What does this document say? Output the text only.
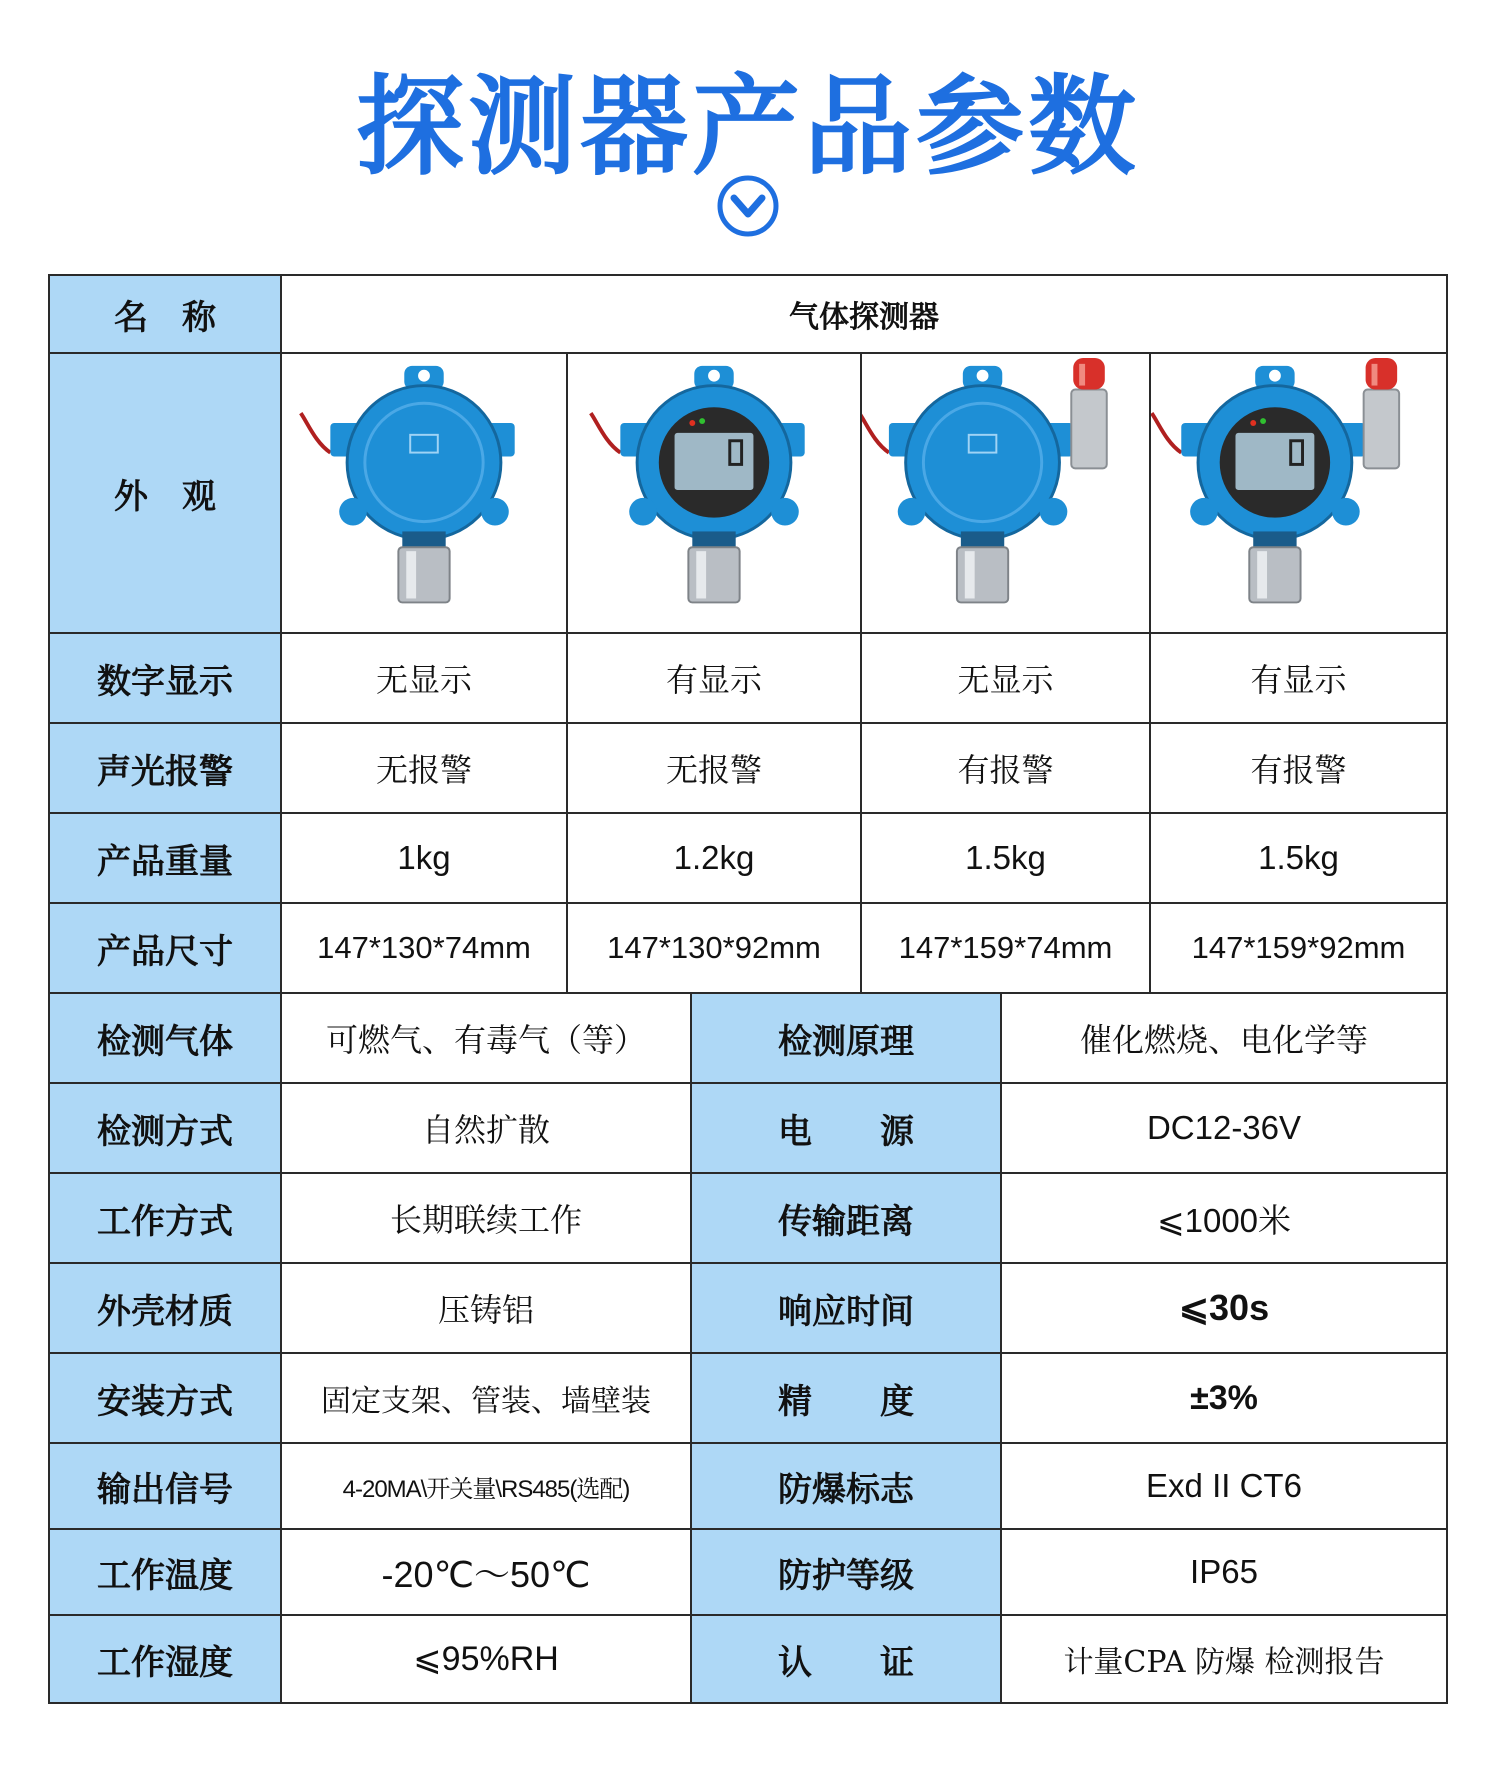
探测器产品参数
名　称	气体探测器
外　观
数字显示	无显示	有显示	无显示	有显示
声光报警	无报警	无报警	有报警	有报警
产品重量	1kg	1.2kg	1.5kg	1.5kg
产品尺寸	147*130*74mm	147*130*92mm	147*159*74mm	147*159*92mm
检测气体	可燃气、有毒气（等）	检测原理	催化燃烧、电化学等
检测方式	自然扩散	电　　源	DC12-36V
工作方式	长期联续工作	传输距离	⩽1000米
外壳材质	压铸铝	响应时间	⩽30s
安装方式	固定支架、管装、墙壁装	精　　度	±3%
输出信号	4-20MA\开关量\RS485(选配)	防爆标志	Exd II CT6
工作温度	-20℃～50℃	防护等级	IP65
工作湿度	⩽95%RH	认　　证	计量CPA 防爆 检测报告
